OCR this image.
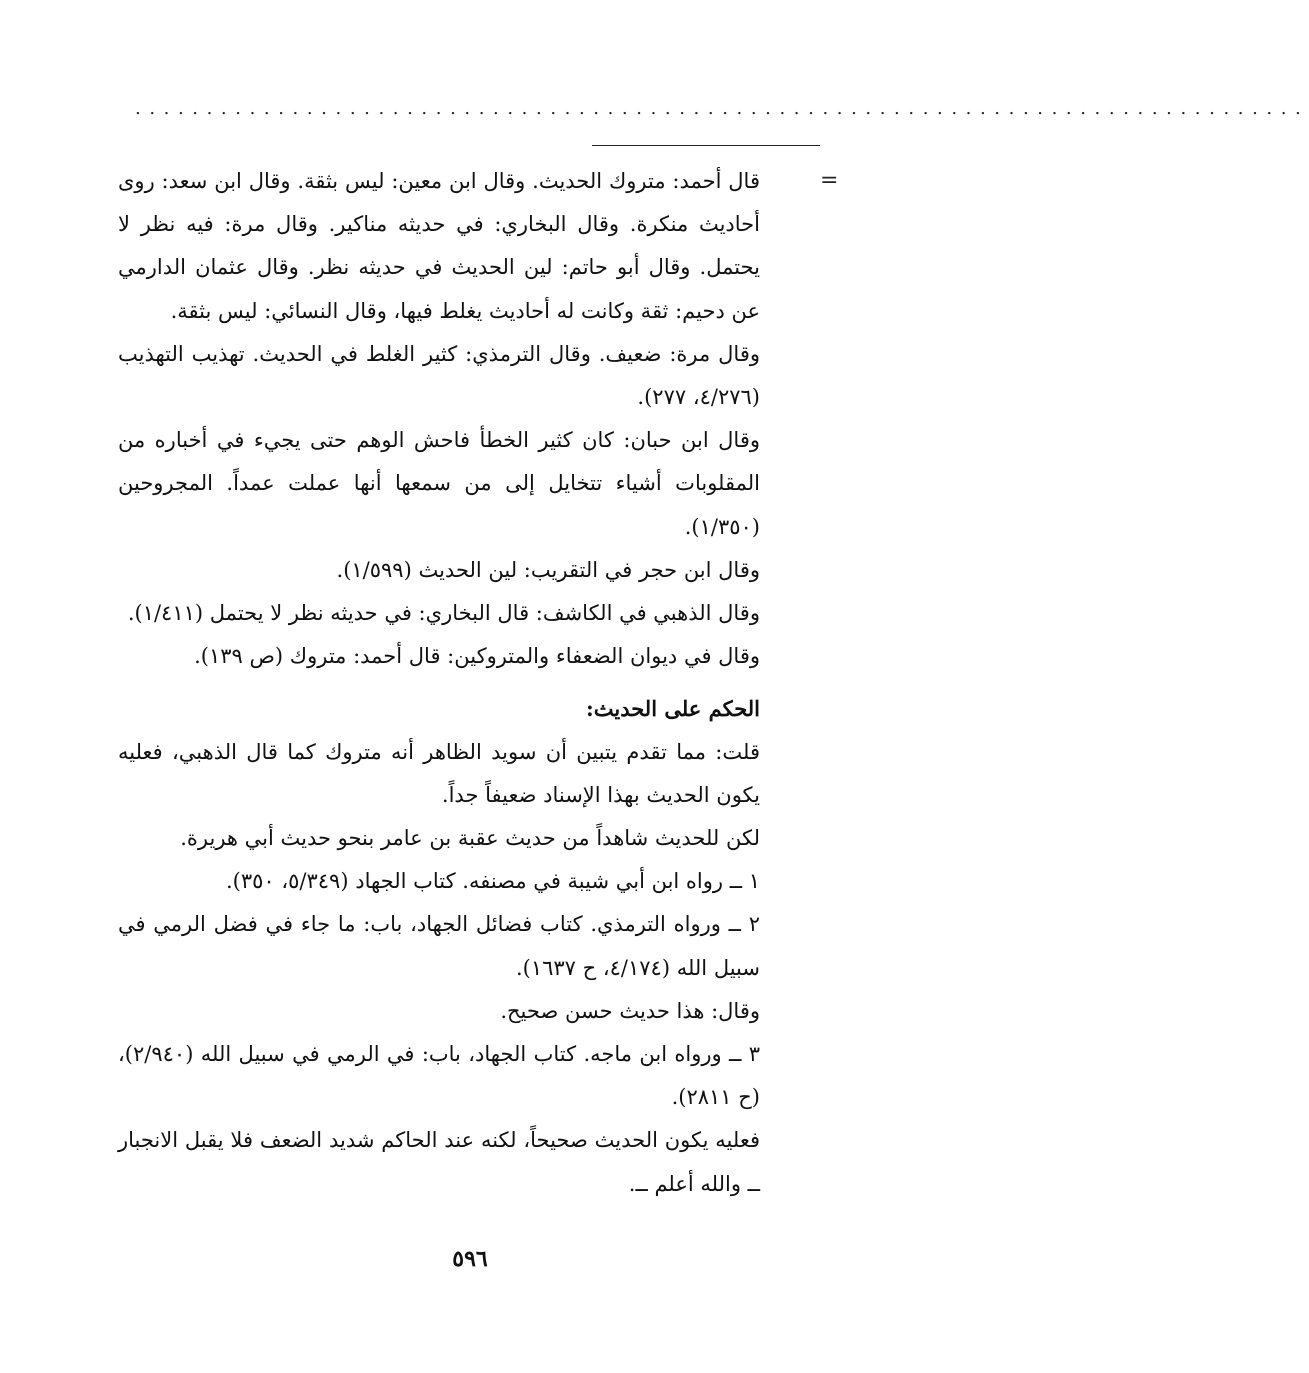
..................................................................................
=

قال أحمد: متروك الحديث. وقال ابن معين: ليس بثقة. وقال ابن سعد: روى أحاديث منكرة. وقال البخاري: في حديثه مناكير. وقال مرة: فيه نظر لا يحتمل. وقال أبو حاتم: لين الحديث في حديثه نظر. وقال عثمان الدارمي عن دحيم: ثقة وكانت له أحاديث يغلط فيها، وقال النسائي: ليس بثقة.

وقال مرة: ضعيف. وقال الترمذي: كثير الغلط في الحديث. تهذيب التهذيب (٤/٢٧٦، ٢٧٧).

وقال ابن حبان: كان كثير الخطأ فاحش الوهم حتى يجيء في أخباره من المقلوبات أشياء تتخايل إلى من سمعها أنها عملت عمداً. المجروحين (١/٣٥٠).

وقال ابن حجر في التقريب: لين الحديث (١/٥٩٩).

وقال الذهبي في الكاشف: قال البخاري: في حديثه نظر لا يحتمل (١/٤١١).

وقال في ديوان الضعفاء والمتروكين: قال أحمد: متروك (ص ١٣٩).

الحكم على الحديث:

قلت: مما تقدم يتبين أن سويد الظاهر أنه متروك كما قال الذهبي، فعليه يكون الحديث بهذا الإسناد ضعيفاً جداً.

لكن للحديث شاهداً من حديث عقبة بن عامر بنحو حديث أبي هريرة.

١ ــ رواه ابن أبي شيبة في مصنفه. كتاب الجهاد (٥/٣٤٩، ٣٥٠).

٢ ــ ورواه الترمذي. كتاب فضائل الجهاد، باب: ما جاء في فضل الرمي في سبيل الله (٤/١٧٤، ح ١٦٣٧).

وقال: هذا حديث حسن صحيح.

٣ ــ ورواه ابن ماجه. كتاب الجهاد، باب: في الرمي في سبيل الله (٢/٩٤٠)، (ح ٢٨١١).

فعليه يكون الحديث صحيحاً، لكنه عند الحاكم شديد الضعف فلا يقبل الانجبار ــ والله أعلم ــ.

٥٩٦
